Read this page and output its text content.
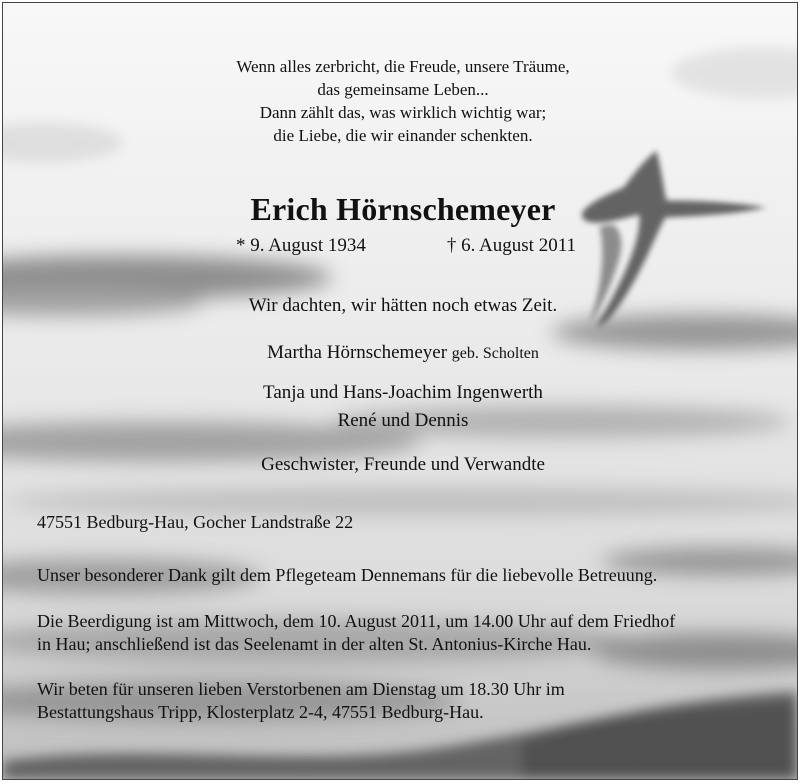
Wenn alles zerbricht, die Freude, unsere Träume,
das gemeinsame Leben...
Dann zählt das, was wirklich wichtig war;
die Liebe, die wir einander schenkten.
Erich Hörnschemeyer
* 9. August 1934	† 6. August 2011
Wir dachten, wir hätten noch etwas Zeit.
Martha Hörnschemeyer geb. Scholten
Tanja und Hans-Joachim Ingenwerth
René und Dennis
Geschwister, Freunde und Verwandte
47551 Bedburg-Hau, Gocher Landstraße 22
Unser besonderer Dank gilt dem Pflegeteam Dennemans für die liebevolle Betreuung.
Die Beerdigung ist am Mittwoch, dem 10. August 2011, um 14.00 Uhr auf dem Friedhof
in Hau; anschließend ist das Seelenamt in der alten St. Antonius-Kirche Hau.
Wir beten für unseren lieben Verstorbenen am Dienstag um 18.30 Uhr im
Bestattungshaus Tripp, Klosterplatz 2-4, 47551 Bedburg-Hau.
